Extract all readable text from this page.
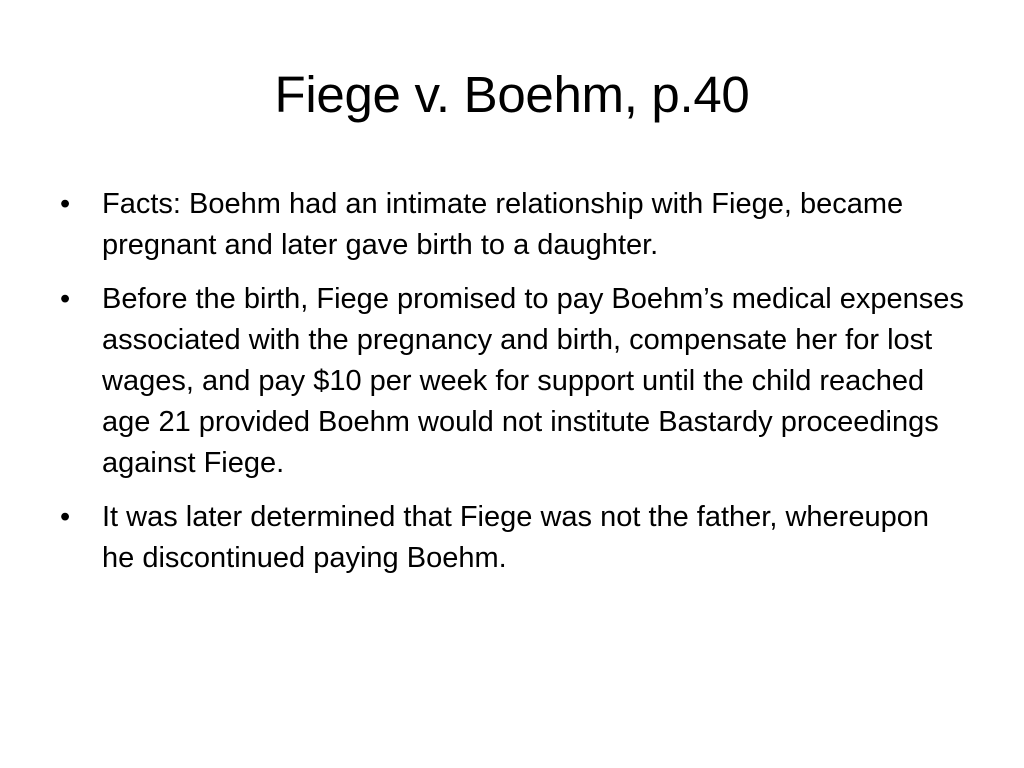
Fiege v. Boehm, p.40
• Facts: Boehm had an intimate relationship with Fiege, became pregnant and later gave birth to a daughter.
• Before the birth, Fiege promised to pay Boehm’s medical expenses associated with the pregnancy and birth, compensate her for lost wages, and pay $10 per week for support until the child reached age 21 provided Boehm would not institute Bastardy proceedings against Fiege.
• It was later determined that Fiege was not the father, whereupon he discontinued paying Boehm.
